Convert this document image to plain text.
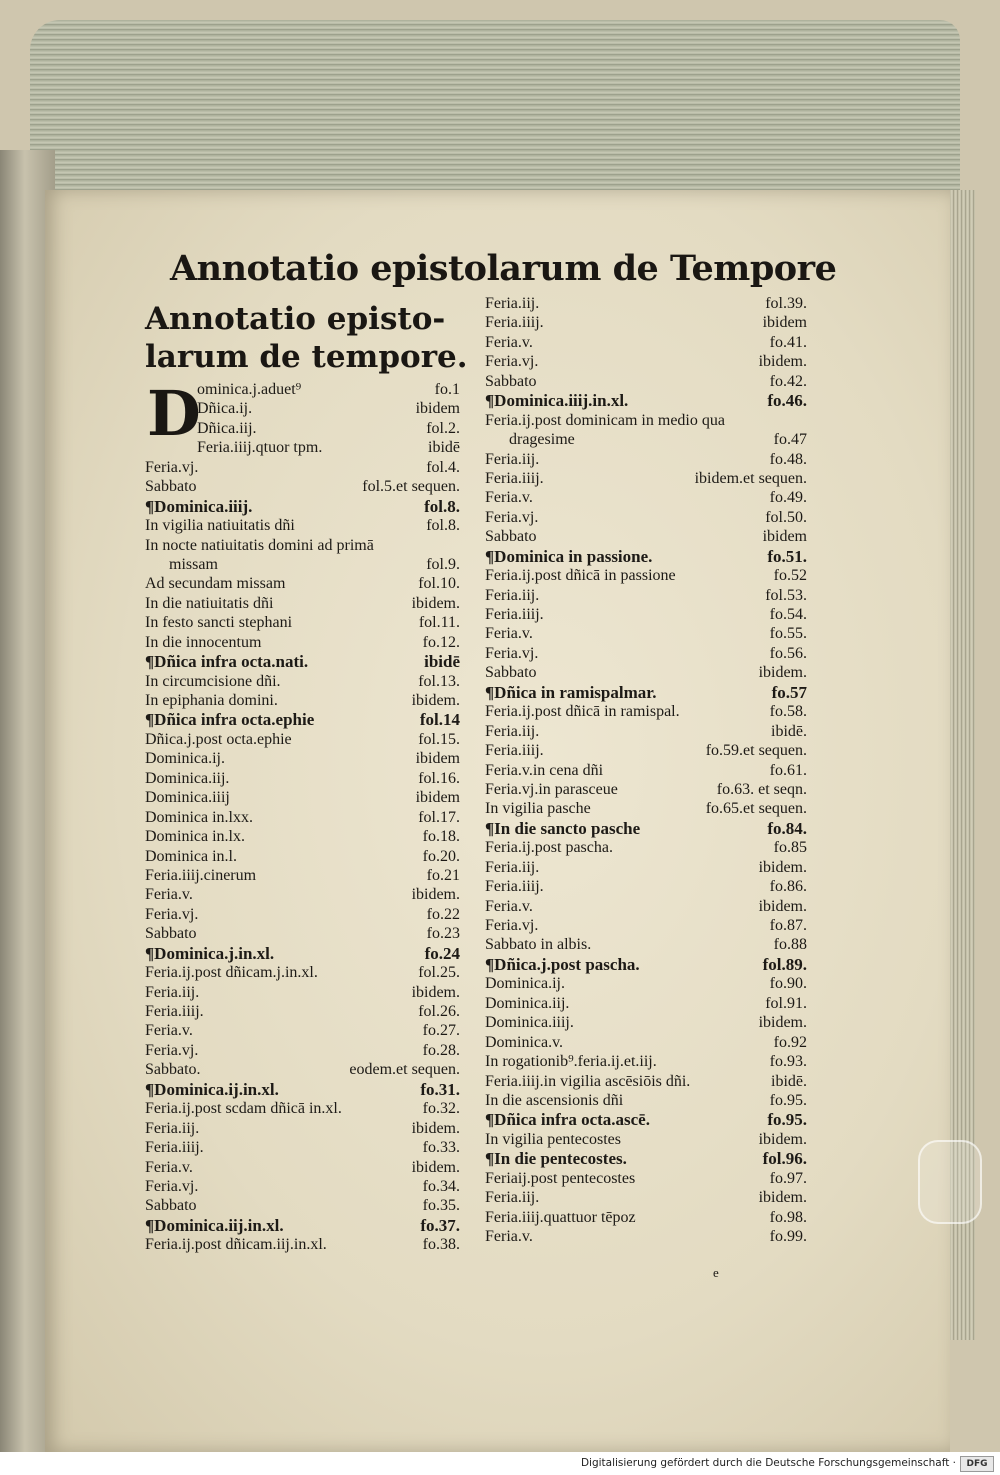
Annotatio epistolarum de Tempore
Annotatio episto- larum de tempore.
D
ominica.j.aduet⁹	fo.1
Dñica.ij.	ibidem
Dñica.iij.	fol.2.
Feria.iiij.qtuor tpm.	ibidē
Feria.vj.	fol.4.
Sabbato	fol.5.et sequen.
¶Dominica.iiij.	fol.8.
In vigilia natiuitatis dñi	fol.8.
In nocte natiuitatis domini ad primā
missam	fol.9.
Ad secundam missam	fol.10.
In die natiuitatis dñi	ibidem.
In festo sancti stephani	fol.11.
In die innocentum	fo.12.
¶Dñica infra octa.nati.	ibidē
In circumcisione dñi.	fol.13.
In epiphania domini.	ibidem.
¶Dñica infra octa.ephie	fol.14
Dñica.j.post octa.ephie	fol.15.
Dominica.ij.	ibidem
Dominica.iij.	fol.16.
Dominica.iiij	ibidem
Dominica in.lxx.	fol.17.
Dominica in.lx.	fo.18.
Dominica in.l.	fo.20.
Feria.iiij.cinerum	fo.21
Feria.v.	ibidem.
Feria.vj.	fo.22
Sabbato	fo.23
¶Dominica.j.in.xl.	fo.24
Feria.ij.post dñicam.j.in.xl.	fol.25.
Feria.iij.	ibidem.
Feria.iiij.	fol.26.
Feria.v.	fo.27.
Feria.vj.	fo.28.
Sabbato.	eodem.et sequen.
¶Dominica.ij.in.xl.	fo.31.
Feria.ij.post scdam dñicā in.xl.	fo.32.
Feria.iij.	ibidem.
Feria.iiij.	fo.33.
Feria.v.	ibidem.
Feria.vj.	fo.34.
Sabbato	fo.35.
¶Dominica.iij.in.xl.	fo.37.
Feria.ij.post dñicam.iij.in.xl.	fo.38.
Feria.iij.	fol.39.
Feria.iiij.	ibidem
Feria.v.	fo.41.
Feria.vj.	ibidem.
Sabbato	fo.42.
¶Dominica.iiij.in.xl.	fo.46.
Feria.ij.post dominicam in medio qua
dragesime	fo.47
Feria.iij.	fo.48.
Feria.iiij.	ibidem.et sequen.
Feria.v.	fo.49.
Feria.vj.	fol.50.
Sabbato	ibidem
¶Dominica in passione.	fo.51.
Feria.ij.post dñicā in passione	fo.52
Feria.iij.	fol.53.
Feria.iiij.	fo.54.
Feria.v.	fo.55.
Feria.vj.	fo.56.
Sabbato	ibidem.
¶Dñica in ramispalmar.	fo.57
Feria.ij.post dñicā in ramispal.	fo.58.
Feria.iij.	ibidē.
Feria.iiij.	fo.59.et sequen.
Feria.v.in cena dñi	fo.61.
Feria.vj.in parasceue	fo.63. et seqn.
In vigilia pasche	fo.65.et sequen.
¶In die sancto pasche	fo.84.
Feria.ij.post pascha.	fo.85
Feria.iij.	ibidem.
Feria.iiij.	fo.86.
Feria.v.	ibidem.
Feria.vj.	fo.87.
Sabbato in albis.	fo.88
¶Dñica.j.post pascha.	fol.89.
Dominica.ij.	fo.90.
Dominica.iij.	fol.91.
Dominica.iiij.	ibidem.
Dominica.v.	fo.92
In rogationib⁹.feria.ij.et.iij.	fo.93.
Feria.iiij.in vigilia ascēsiōis dñi.	ibidē.
In die ascensionis dñi	fo.95.
¶Dñica infra octa.ascē.	fo.95.
In vigilia pentecostes	ibidem.
¶In die pentecostes.	fol.96.
Feriaij.post pentecostes	fo.97.
Feria.iij.	ibidem.
Feria.iiij.quattuor tēpoz	fo.98.
Feria.v.	fo.99.
e
Digitalisierung gefördert durch die Deutsche Forschungsgemeinschaft ·	DFG
